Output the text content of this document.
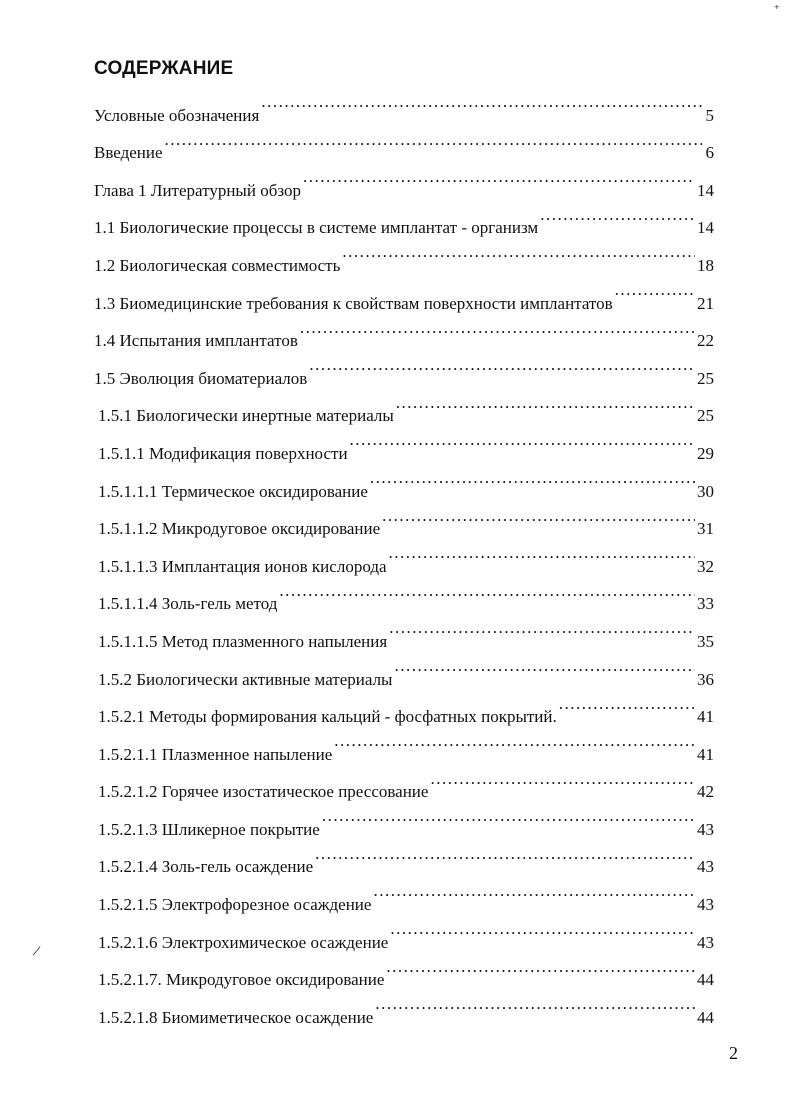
⁺
СОДЕРЖАНИЕ
Условные обозначения .....	5
Введение .....	6
Глава 1 Литературный обзор .....	14
1.1 Биологические процессы в системе имплантат - организм .....	14
1.2 Биологическая совместимость .....	18
1.3 Биомедицинские требования к свойствам поверхности имплантатов .....	21
1.4 Испытания имплантатов .....	22
1.5 Эволюция биоматериалов .....	25
1.5.1 Биологически инертные материалы .....	25
1.5.1.1 Модификация поверхности .....	29
1.5.1.1.1 Термическое оксидирование .....	30
1.5.1.1.2 Микродуговое оксидирование .....	31
1.5.1.1.3 Имплантация ионов кислорода .....	32
1.5.1.1.4 Золь-гель метод .....	33
1.5.1.1.5 Метод плазменного напыления .....	35
1.5.2 Биологически активные материалы .....	36
1.5.2.1 Методы формирования кальций - фосфатных покрытий. .....	41
1.5.2.1.1 Плазменное напыление .....	41
1.5.2.1.2 Горячее изостатическое прессование .....	42
1.5.2.1.3 Шликерное покрытие .....	43
1.5.2.1.4 Золь-гель осаждение .....	43
1.5.2.1.5 Электрофорезное осаждение .....	43
1.5.2.1.6 Электрохимическое осаждение .....	43
1.5.2.1.7. Микродуговое оксидирование .....	44
1.5.2.1.8 Биомиметическое осаждение .....	44
/
2
